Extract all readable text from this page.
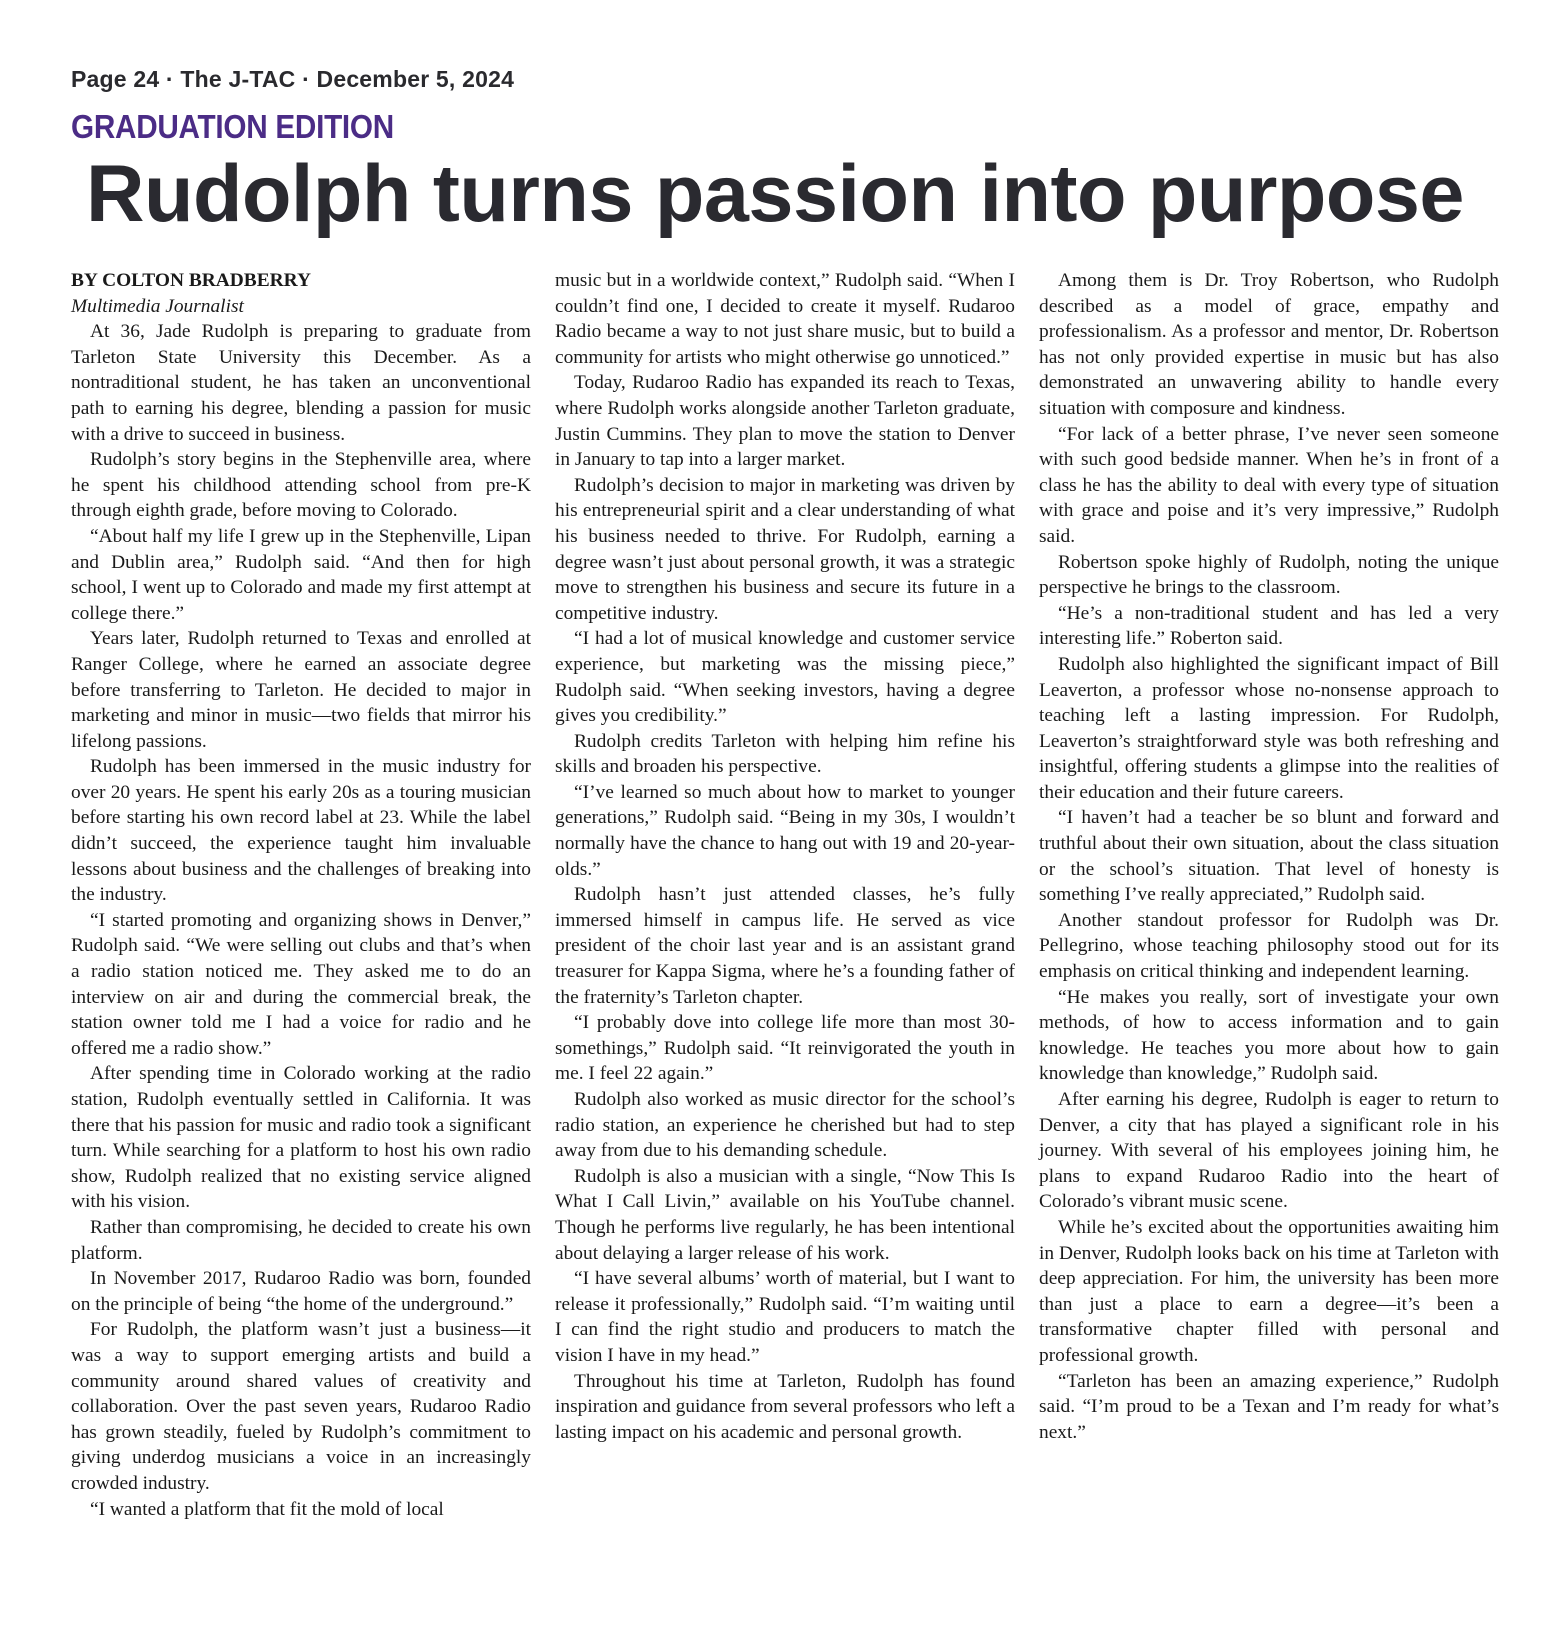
Page 24 · The J-TAC · December 5, 2024
GRADUATION EDITION
Rudolph turns passion into purpose

BY COLTON BRADBERRY

Multimedia Journalist

At 36, Jade Rudolph is preparing to graduate from Tarleton State University this December. As a nontraditional student, he has taken an unconventional path to earning his degree, blending a passion for music with a drive to succeed in business.

Rudolph’s story begins in the Stephenville area, where he spent his childhood attending school from pre-K through eighth grade, before moving to Colorado.

“About half my life I grew up in the Stephenville, Lipan and Dublin area,” Rudolph said. “And then for high school, I went up to Colorado and made my first attempt at college there.”

Years later, Rudolph returned to Texas and enrolled at Ranger College, where he earned an associate degree before transferring to Tarleton. He decided to major in marketing and minor in music—two fields that mirror his lifelong passions.

Rudolph has been immersed in the music industry for over 20 years. He spent his early 20s as a touring musician before starting his own record label at 23. While the label didn’t succeed, the experience taught him invaluable lessons about business and the challenges of breaking into the industry.

“I started promoting and organizing shows in Denver,” Rudolph said. “We were selling out clubs and that’s when a radio station noticed me. They asked me to do an interview on air and during the commercial break, the station owner told me I had a voice for radio and he offered me a radio show.”

After spending time in Colorado working at the radio station, Rudolph eventually settled in California. It was there that his passion for music and radio took a significant turn. While searching for a platform to host his own radio show, Rudolph realized that no existing service aligned with his vision.

Rather than compromising, he decided to create his own platform.

In November 2017, Rudaroo Radio was born, founded on the principle of being “the home of the underground.”

For Rudolph, the platform wasn’t just a business—it was a way to support emerging artists and build a community around shared values of creativity and collaboration. Over the past seven years, Rudaroo Radio has grown steadily, fueled by Rudolph’s commitment to giving underdog musicians a voice in an increasingly crowded industry.

“I wanted a platform that fit the mold of local

music but in a worldwide context,” Rudolph said. “When I couldn’t find one, I decided to create it myself. Rudaroo Radio became a way to not just share music, but to build a community for artists who might otherwise go unnoticed.”

Today, Rudaroo Radio has expanded its reach to Texas, where Rudolph works alongside another Tarleton graduate, Justin Cummins. They plan to move the station to Denver in January to tap into a larger market.

Rudolph’s decision to major in marketing was driven by his entrepreneurial spirit and a clear understanding of what his business needed to thrive. For Rudolph, earning a degree wasn’t just about personal growth, it was a strategic move to strengthen his business and secure its future in a competitive industry.

“I had a lot of musical knowledge and customer service experience, but marketing was the missing piece,” Rudolph said. “When seeking investors, having a degree gives you credibility.”

Rudolph credits Tarleton with helping him refine his skills and broaden his perspective.

“I’ve learned so much about how to market to younger generations,” Rudolph said. “Being in my 30s, I wouldn’t normally have the chance to hang out with 19 and 20-year-olds.”

Rudolph hasn’t just attended classes, he’s fully immersed himself in campus life. He served as vice president of the choir last year and is an assistant grand treasurer for Kappa Sigma, where he’s a founding father of the fraternity’s Tarleton chapter.

“I probably dove into college life more than most 30-somethings,” Rudolph said. “It reinvigorated the youth in me. I feel 22 again.”

Rudolph also worked as music director for the school’s radio station, an experience he cherished but had to step away from due to his demanding schedule.

Rudolph is also a musician with a single, “Now This Is What I Call Livin,” available on his YouTube channel. Though he performs live regularly, he has been intentional about delaying a larger release of his work.

“I have several albums’ worth of material, but I want to release it professionally,” Rudolph said. “I’m waiting until I can find the right studio and producers to match the vision I have in my head.”

Throughout his time at Tarleton, Rudolph has found inspiration and guidance from several professors who left a lasting impact on his academic and personal growth.

Among them is Dr. Troy Robertson, who Rudolph described as a model of grace, empathy and professionalism. As a professor and mentor, Dr. Robertson has not only provided expertise in music but has also demonstrated an unwavering ability to handle every situation with composure and kindness.

“For lack of a better phrase, I’ve never seen someone with such good bedside manner. When he’s in front of a class he has the ability to deal with every type of situation with grace and poise and it’s very impressive,” Rudolph said.

Robertson spoke highly of Rudolph, noting the unique perspective he brings to the classroom.

“He’s a non-traditional student and has led a very interesting life.” Roberton said.

Rudolph also highlighted the significant impact of Bill Leaverton, a professor whose no-nonsense approach to teaching left a lasting impression. For Rudolph, Leaverton’s straightforward style was both refreshing and insightful, offering students a glimpse into the realities of their education and their future careers.

“I haven’t had a teacher be so blunt and forward and truthful about their own situation, about the class situation or the school’s situation. That level of honesty is something I’ve really appreciated,” Rudolph said.

Another standout professor for Rudolph was Dr. Pellegrino, whose teaching philosophy stood out for its emphasis on critical thinking and independent learning.

“He makes you really, sort of investigate your own methods, of how to access information and to gain knowledge. He teaches you more about how to gain knowledge than knowledge,” Rudolph said.

After earning his degree, Rudolph is eager to return to Denver, a city that has played a significant role in his journey. With several of his employees joining him, he plans to expand Rudaroo Radio into the heart of Colorado’s vibrant music scene.

While he’s excited about the opportunities awaiting him in Denver, Rudolph looks back on his time at Tarleton with deep appreciation. For him, the university has been more than just a place to earn a degree—it’s been a transformative chapter filled with personal and professional growth.

“Tarleton has been an amazing experience,” Rudolph said. “I’m proud to be a Texan and I’m ready for what’s next.”
